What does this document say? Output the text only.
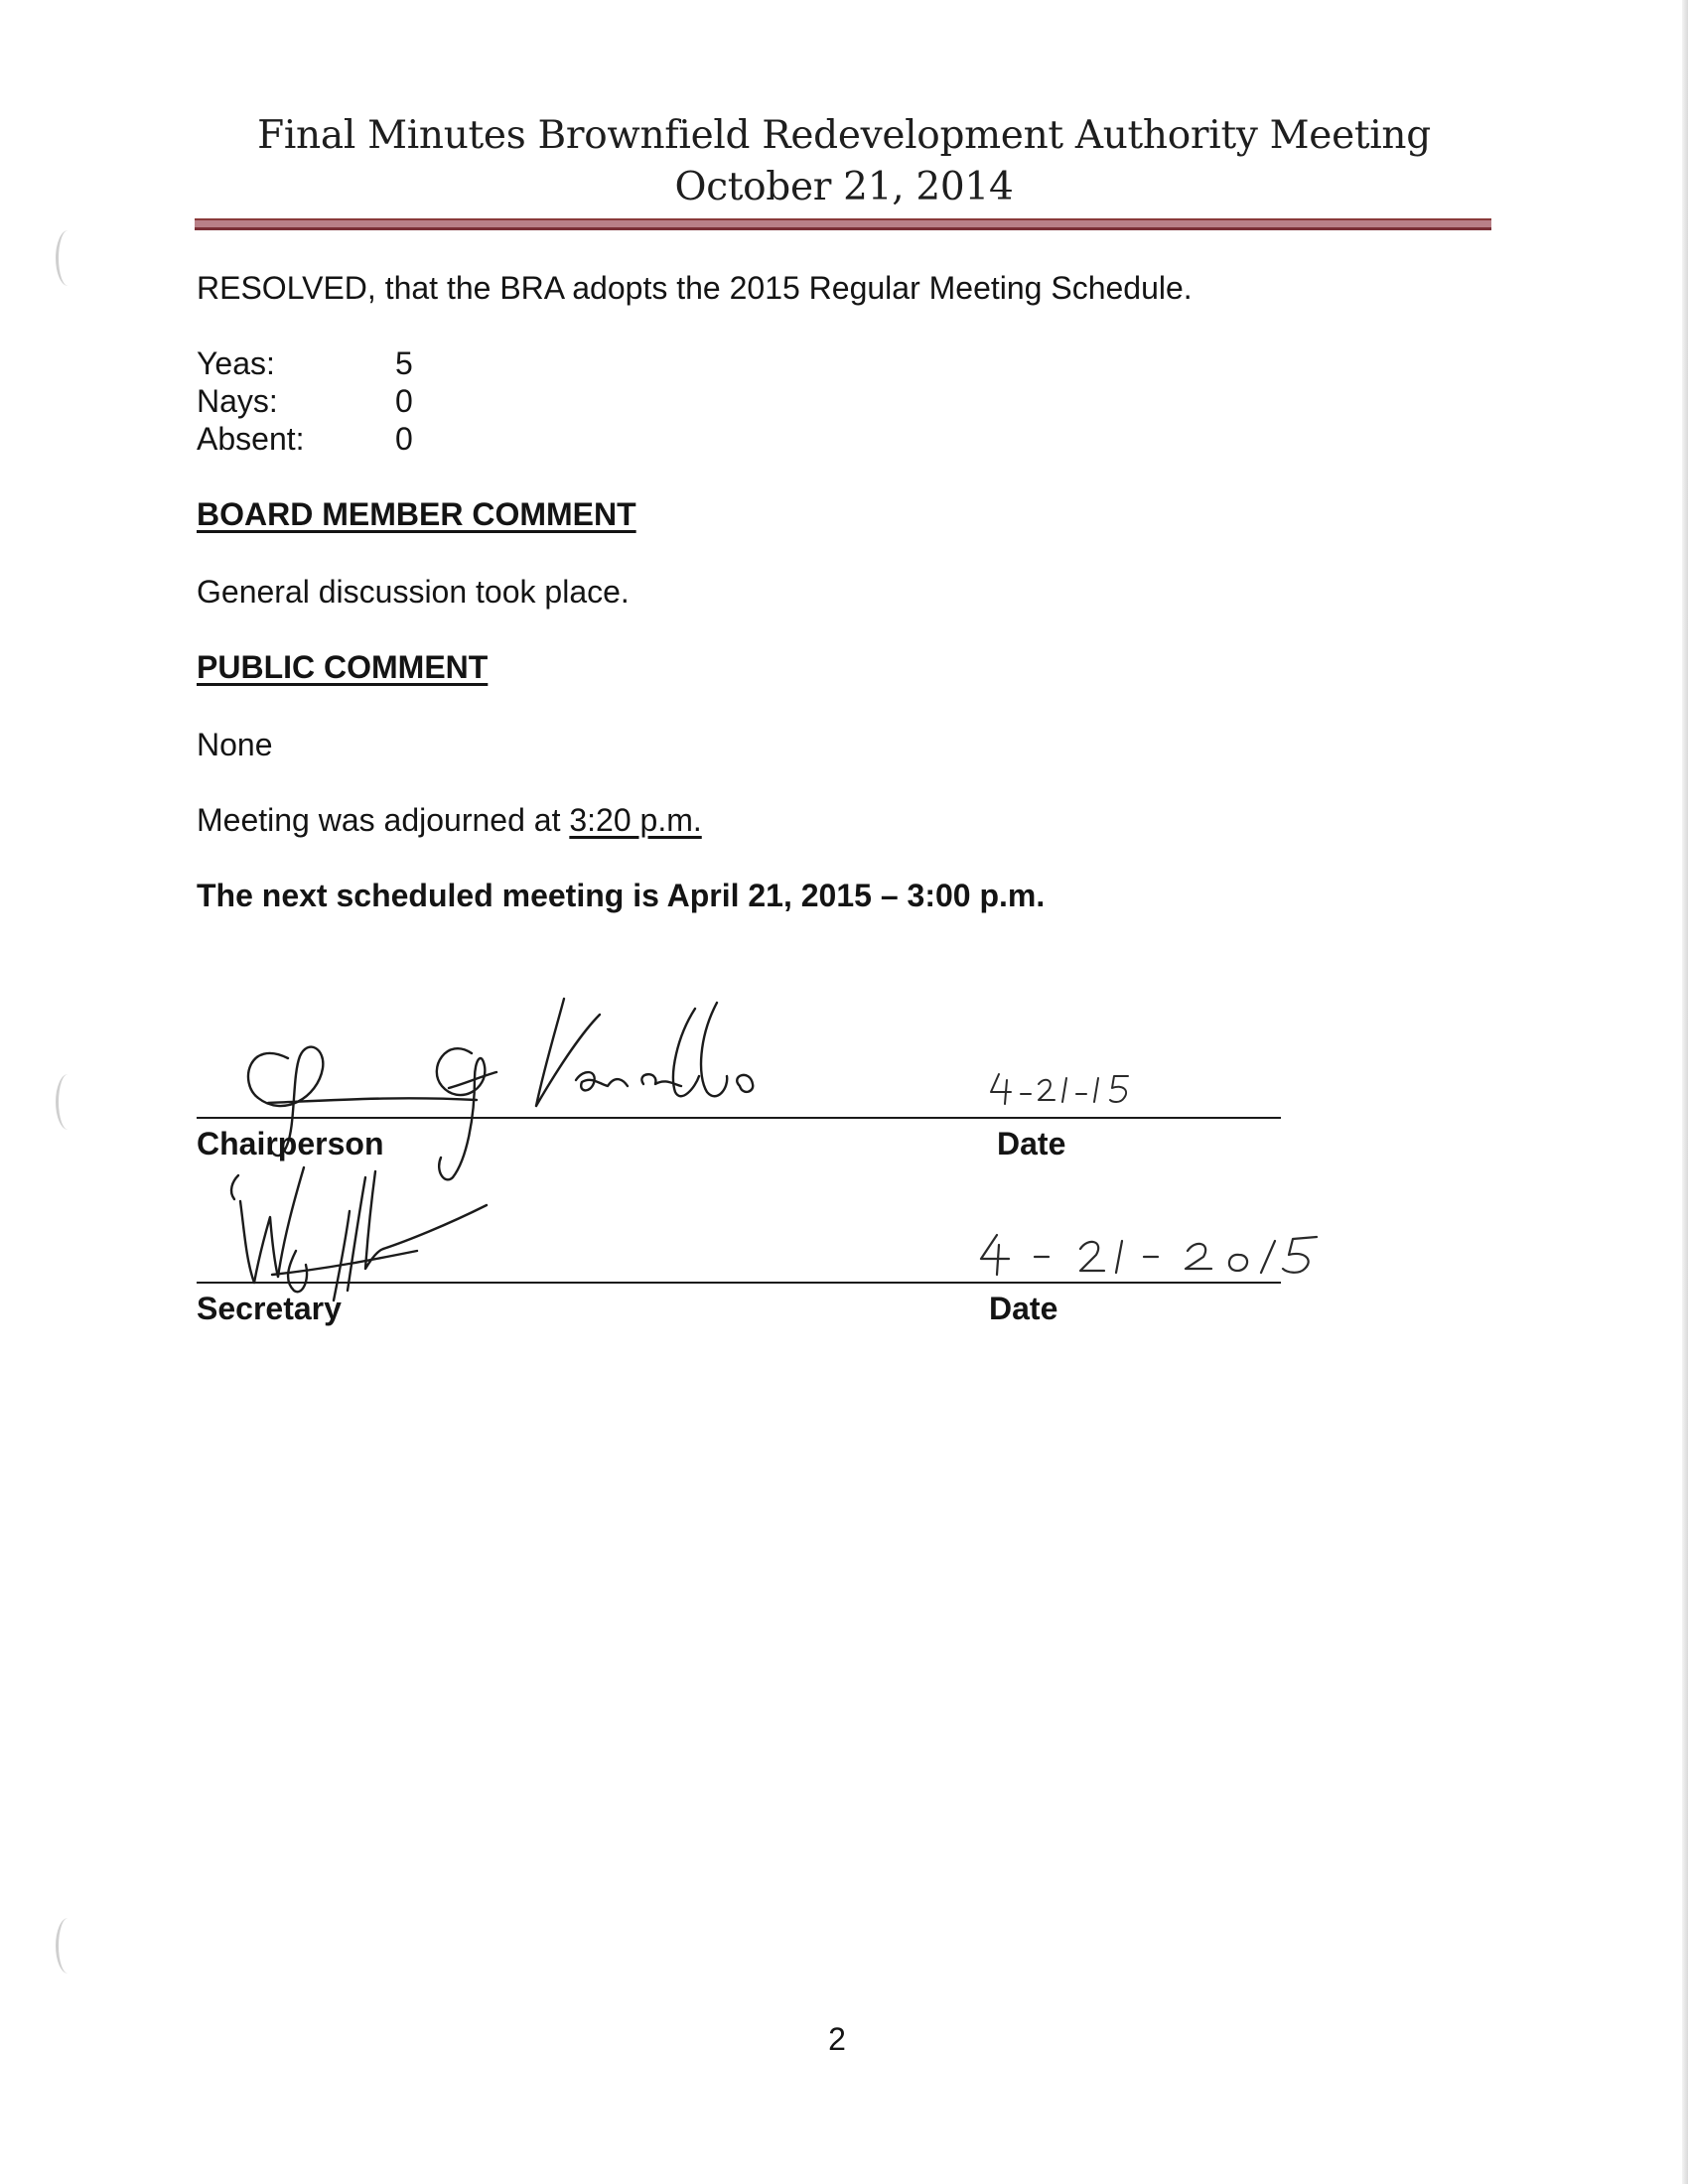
Final Minutes Brownfield Redevelopment Authority Meeting
October 21, 2014
RESOLVED, that the BRA adopts the 2015 Regular Meeting Schedule.
Yeas:	5
Nays:	0
Absent:	0
BOARD MEMBER COMMENT
General discussion took place.
PUBLIC COMMENT
None
Meeting was adjourned at 3:20 p.m.
The next scheduled meeting is April 21, 2015 – 3:00 p.m.
Chairperson	Date
Secretary	Date
2
